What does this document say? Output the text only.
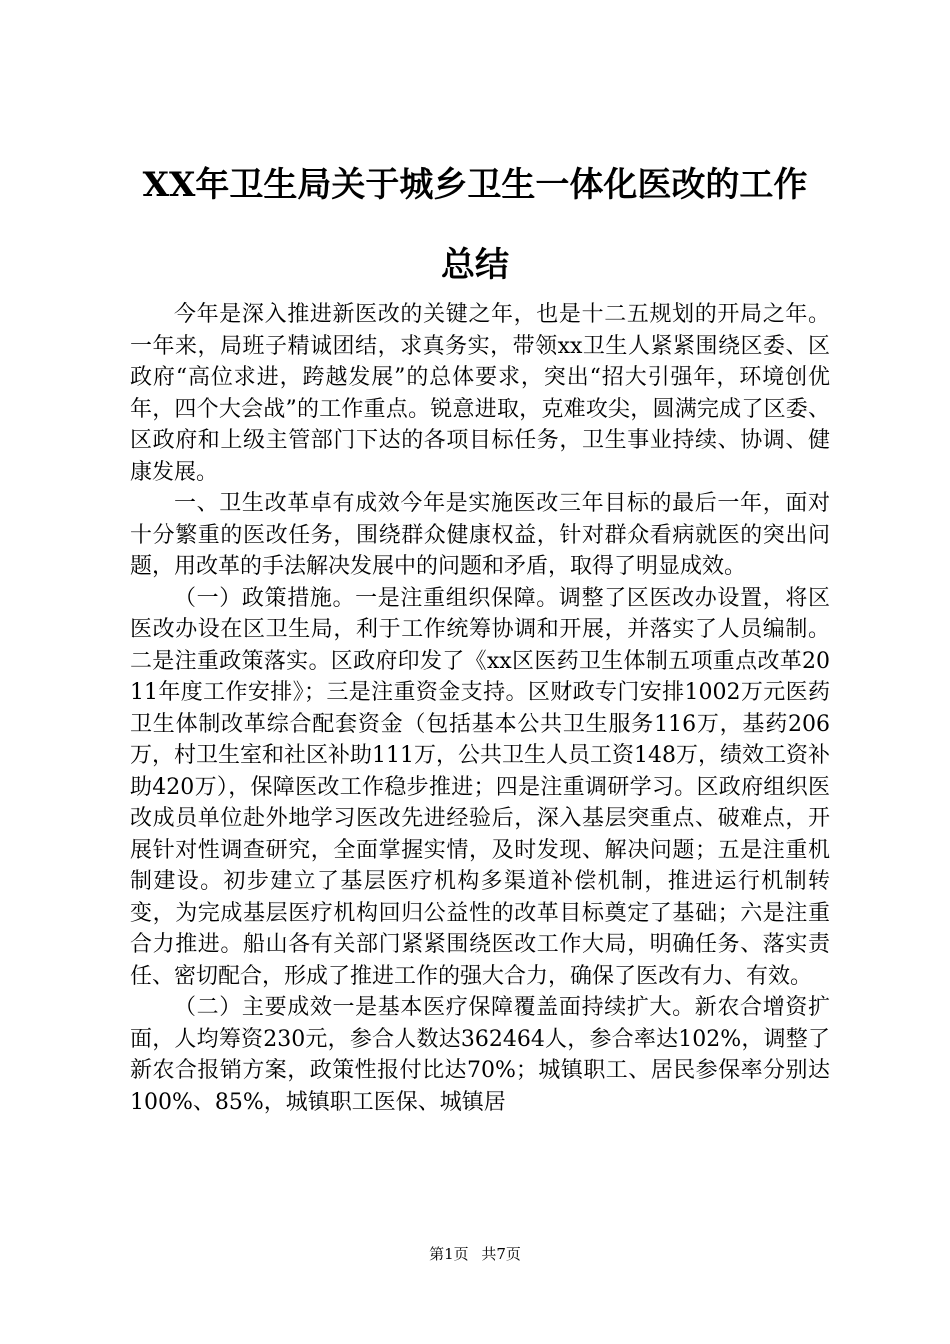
XX年卫生局关于城乡卫生一体化医改的工作
总结

今年是深入推进新医改的关键之年，也是十二五规划的开局之年。一年来，局班子精诚团结，求真务实，带领xx卫生人紧紧围绕区委、区政府“高位求进，跨越发展”的总体要求，突出“招大引强年，环境创优年，四个大会战”的工作重点。锐意进取，克难攻尖，圆满完成了区委、区政府和上级主管部门下达的各项目标任务，卫生事业持续、协调、健康发展。

一、卫生改革卓有成效今年是实施医改三年目标的最后一年，面对十分繁重的医改任务，围绕群众健康权益，针对群众看病就医的突出问题，用改革的手法解决发展中的问题和矛盾，取得了明显成效。

（一）政策措施。一是注重组织保障。调整了区医改办设置，将区医改办设在区卫生局，利于工作统筹协调和开展，并落实了人员编制。二是注重政策落实。区政府印发了《xx区医药卫生体制五项重点改革2011年度工作安排》；三是注重资金支持。区财政专门安排1002万元医药卫生体制改革综合配套资金（包括基本公共卫生服务116万，基药206万，村卫生室和社区补助111万，公共卫生人员工资148万，绩效工资补助420万），保障医改工作稳步推进；四是注重调研学习。区政府组织医改成员单位赴外地学习医改先进经验后，深入基层突重点、破难点，开展针对性调查研究，全面掌握实情，及时发现、解决问题；五是注重机制建设。初步建立了基层医疗机构多渠道补偿机制，推进运行机制转变，为完成基层医疗机构回归公益性的改革目标奠定了基础；六是注重合力推进。船山各有关部门紧紧围绕医改工作大局，明确任务、落实责任、密切配合，形成了推进工作的强大合力，确保了医改有力、有效。

（二）主要成效一是基本医疗保障覆盖面持续扩大。新农合增资扩面，人均筹资230元，参合人数达362464人，参合率达102%，调整了新农合报销方案，政策性报付比达70%；城镇职工、居民参保率分别达100%、85%，城镇职工医保、城镇居

第1页 共7页
